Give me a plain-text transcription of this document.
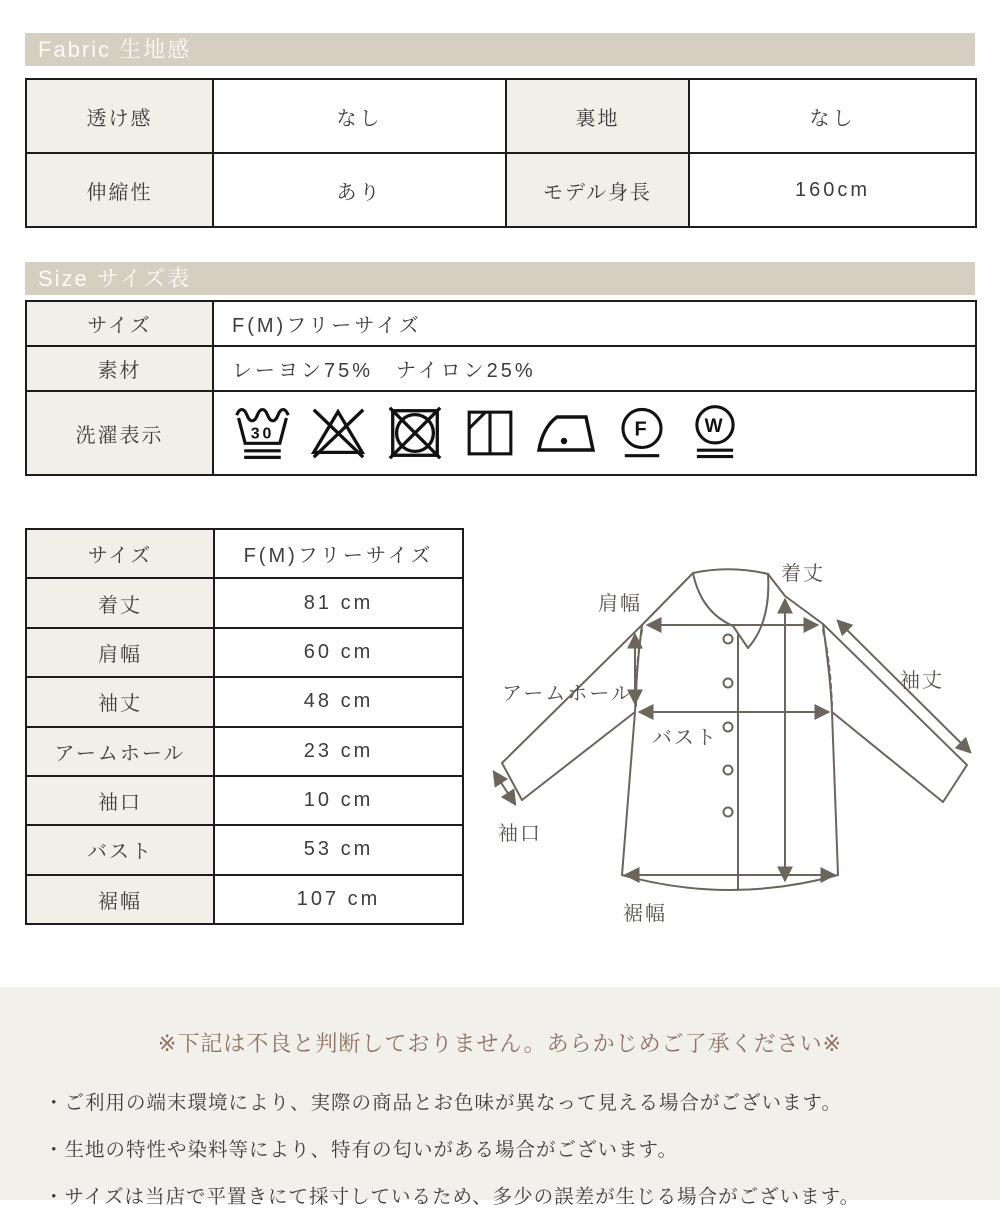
Fabric 生地感
透け感	なし	裏地	なし
伸縮性	あり	モデル身長	160cm
Size サイズ表
サイズ	F(M)フリーサイズ
素材	レーヨン75%　ナイロン25%
洗濯表示	30 F W
サイズ	F(M)フリーサイズ
着丈	81 cm
肩幅	60 cm
袖丈	48 cm
アームホール	23 cm
袖口	10 cm
バスト	53 cm
裾幅	107 cm
肩幅
着丈
袖丈
アームホール
バスト
袖口
裾幅

※下記は不良と判断しておりません。あらかじめご了承ください※

・ご利用の端末環境により、実際の商品とお色味が異なって見える場合がございます。

・生地の特性や染料等により、特有の匂いがある場合がございます。

・サイズは当店で平置きにて採寸しているため、多少の誤差が生じる場合がございます。
